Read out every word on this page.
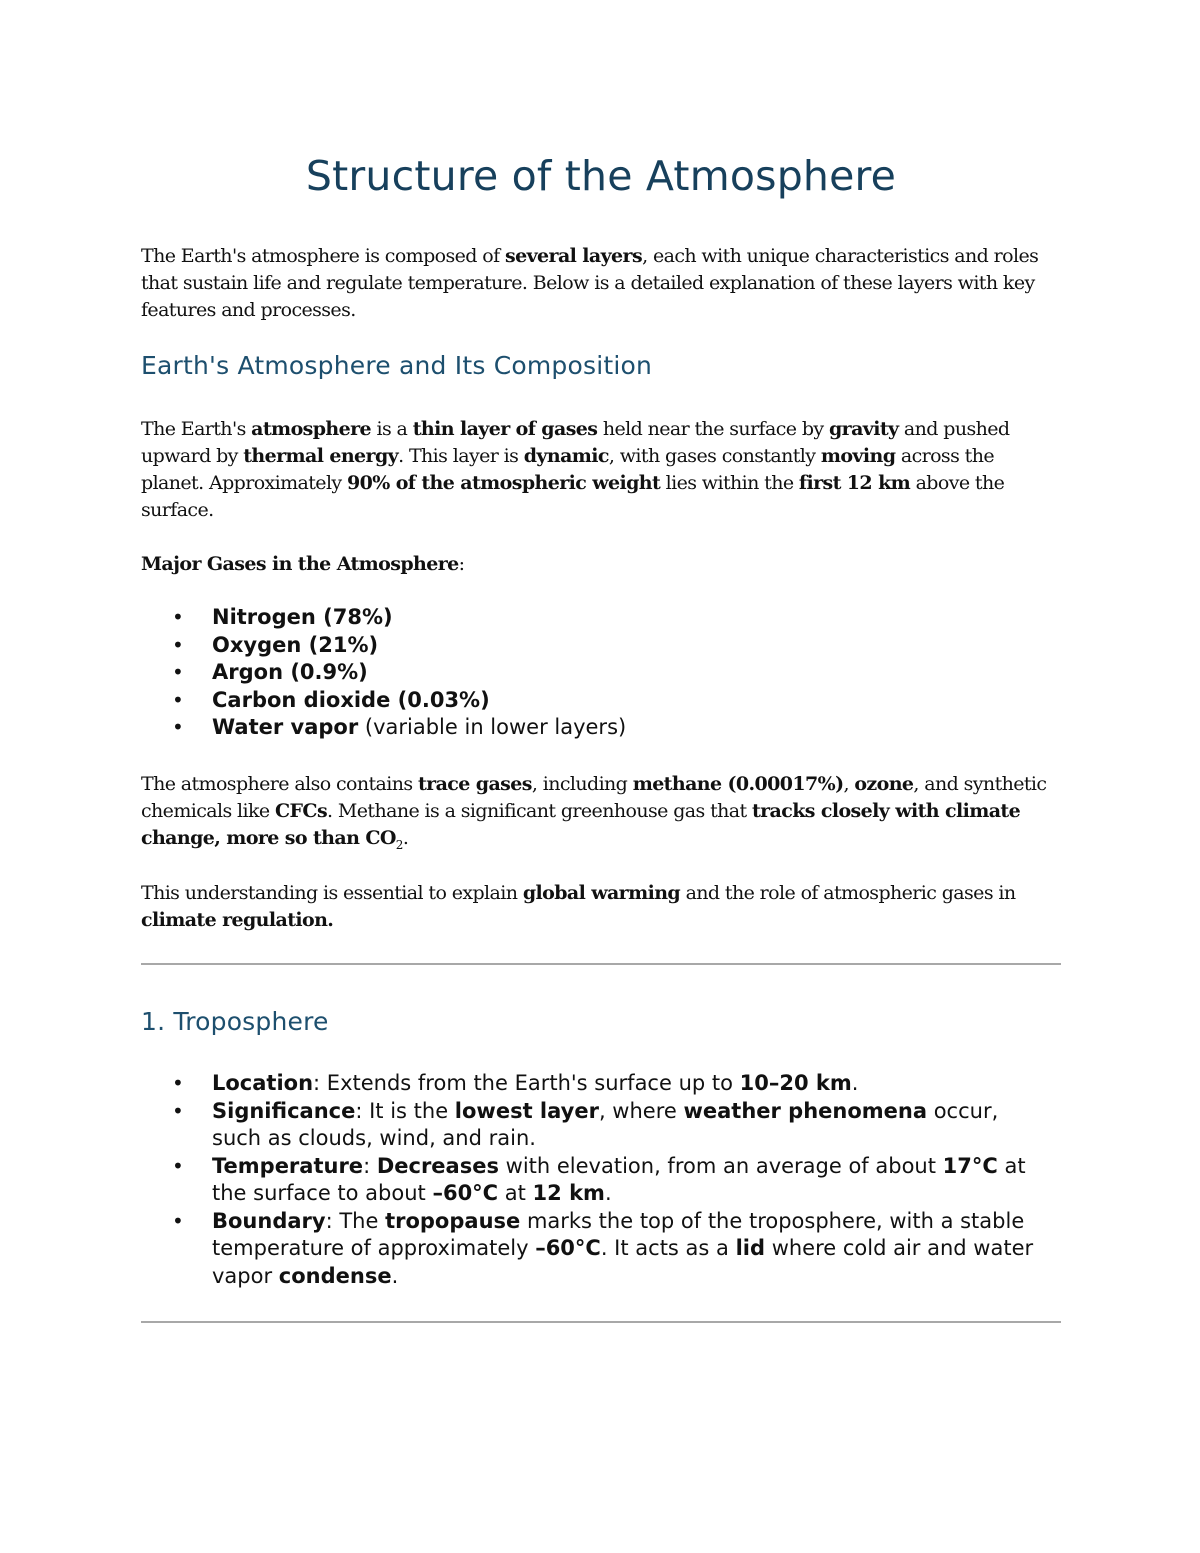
Structure of the Atmosphere

The Earth's atmosphere is composed of several layers, each with unique characteristics and roles that sustain life and regulate temperature. Below is a detailed explanation of these layers with key features and processes.

Earth's Atmosphere and Its Composition

The Earth's atmosphere is a thin layer of gases held near the surface by gravity and pushed upward by thermal energy. This layer is dynamic, with gases constantly moving across the planet. Approximately 90% of the atmospheric weight lies within the first 12 km above the surface.

Major Gases in the Atmosphere:

• Nitrogen (78%)
• Oxygen (21%)
• Argon (0.9%)
• Carbon dioxide (0.03%)
• Water vapor (variable in lower layers)

The atmosphere also contains trace gases, including methane (0.00017%), ozone, and synthetic chemicals like CFCs. Methane is a significant greenhouse gas that tracks closely with climate change, more so than $CO_2$.

This understanding is essential to explain global warming and the role of atmospheric gases in climate regulation.

1. Troposphere
• Location: Extends from the Earth's surface up to 10–20 km.
• Significance: It is the lowest layer, where weather phenomena occur, such as clouds, wind, and rain.
• Temperature: Decreases with elevation, from an average of about 17°C at the surface to about –60°C at 12 km.
• Boundary: The tropopause marks the top of the troposphere, with a stable temperature of approximately –60°C. It acts as a lid where cold air and water vapor condense.
